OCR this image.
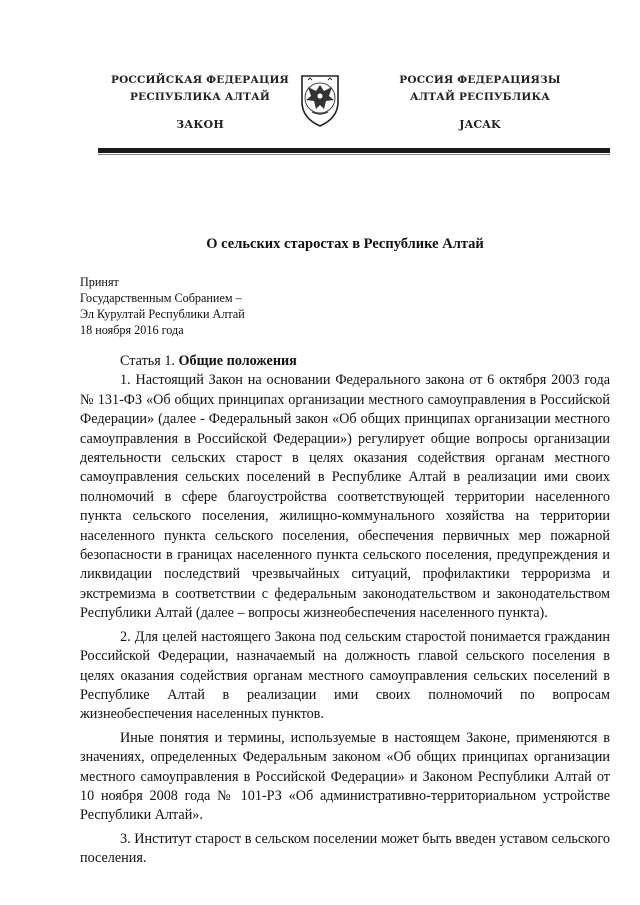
РОССИЙСКАЯ ФЕДЕРАЦИЯ
РЕСПУБЛИКА АЛТАЙ
ЗАКОН
РОССИЯ ФЕДЕРАЦИЯЗЫ
АЛТАЙ РЕСПУБЛИКА
JACAK
О сельских старостах в Республике Алтай
Принят
Государственным Собранием –
Эл Курултай Республики Алтай
18 ноября 2016 года

Статья 1. Общие положения

1. Настоящий Закон на основании Федерального закона от 6 октября 2003 года № 131-ФЗ «Об общих принципах организации местного самоуправления в Российской Федерации» (далее - Федеральный закон «Об общих принципах организации местного самоуправления в Российской Федерации») регулирует общие вопросы организации деятельности сельских старост в целях оказания содействия органам местного самоуправления сельских поселений в Республике Алтай в реализации ими своих полномочий в сфере благоустройства соответствующей территории населенного пункта сельского поселения, жилищно-коммунального хозяйства на территории населенного пункта сельского поселения, обеспечения первичных мер пожарной безопасности в границах населенного пункта сельского поселения, предупреждения и ликвидации последствий чрезвычайных ситуаций, профилактики терроризма и экстремизма в соответствии с федеральным законодательством и законодательством Республики Алтай (далее – вопросы жизнеобеспечения населенного пункта).

2. Для целей настоящего Закона под сельским старостой понимается гражданин Российской Федерации, назначаемый на должность главой сельского поселения в целях оказания содействия органам местного самоуправления сельских поселений в Республике Алтай в реализации ими своих полномочий по вопросам жизнеобеспечения населенных пунктов.

Иные понятия и термины, используемые в настоящем Законе, применяются в значениях, определенных Федеральным законом «Об общих принципах организации местного самоуправления в Российской Федерации» и Законом Республики Алтай от 10 ноября 2008 года № 101-РЗ «Об административно-территориальном устройстве Республики Алтай».

3. Институт старост в сельском поселении может быть введен уставом сельского поселения.
